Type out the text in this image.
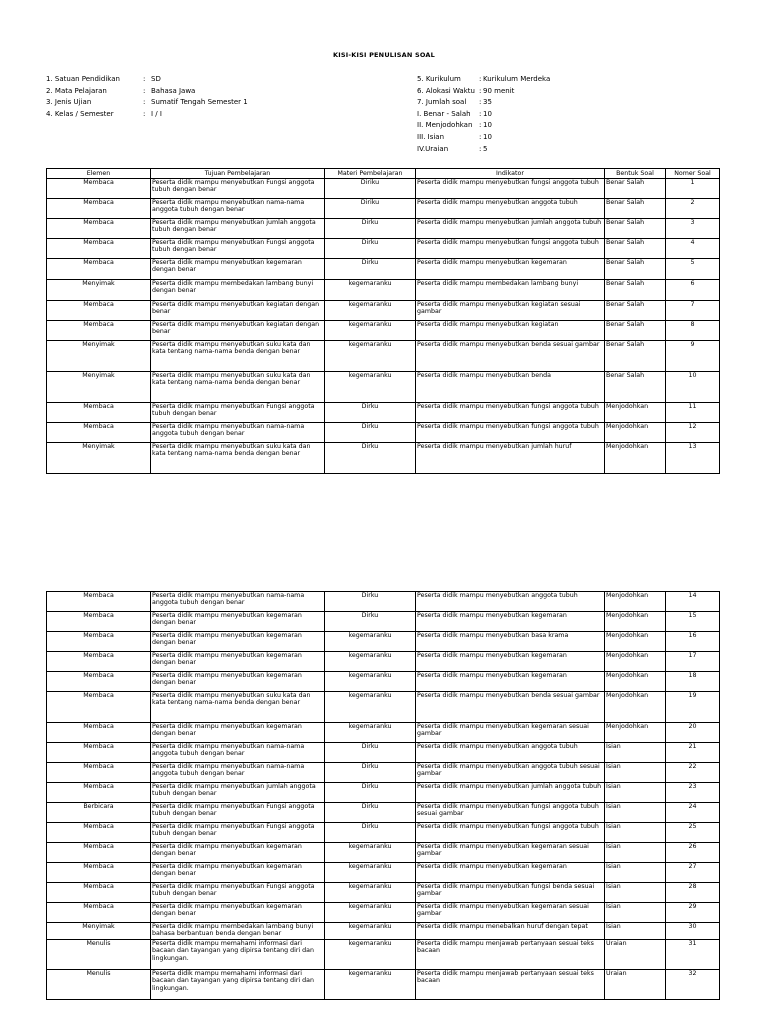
KISI-KISI PENULISAN SOAL
1. Satuan Pendidikan	: SD
2. Mata Pelajaran	: Bahasa Jawa
3. Jenis Ujian	: Sumatif Tengah Semester 1
4. Kelas / Semester	: I / I
5. Kurikulum	: Kurikulum Merdeka
6. Alokasi Waktu : 90 menit
7. Jumlah soal : 35
I. Benar - Salah : 10
II. Menjodohkan : 10
III. Isian	: 10
IV.Uraian	: 5
Elemen	Tujuan Pembelajaran	Materi Pembelajaran	Indikator	Bentuk Soal	Nomer Soal
Membaca	Peserta didik mampu menyebutkan Fungsi anggota tubuh dengan benar	Diriku	Peserta didik mampu menyebutkan fungsi anggota tubuh	Benar Salah	1
Membaca	Peserta didik mampu menyebutkan nama-nama anggota tubuh dengan benar	Diriku	Peserta didik mampu menyebutkan anggota tubuh	Benar Salah	2
Membaca	Peserta didik mampu menyebutkan jumlah anggota tubuh dengan benar	Dirku	Peserta didik mampu menyebutkan jumlah anggota tubuh	Benar Salah	3
Membaca	Peserta didik mampu menyebutkan Fungsi anggota tubuh dengan benar	Dirku	Peserta didik mampu menyebutkan fungsi anggota tubuh	Benar Salah	4
Membaca	Peserta didik mampu menyebutkan kegemaran dengan benar	Dirku	Peserta didik mampu menyebutkan kegemaran	Benar Salah	5
Menyimak	Peserta didik mampu membedakan lambang bunyi dengan benar	kegemaranku	Peserta didik mampu membedakan lambang bunyi	Benar Salah	6
Membaca	Peserta didik mampu menyebutkan kegiatan dengan benar	kegemaranku	Peserta didik mampu menyebutkan kegiatan sesuai gambar	Benar Salah	7
Membaca	Peserta didik mampu menyebutkan kegiatan dengan benar	kegemaranku	Peserta didik mampu menyebutkan kegiatan	Benar Salah	8
Menyimak	Peserta didik mampu menyebutkan suku kata dan kata tentang nama-nama benda dengan benar	kegemaranku	Peserta didik mampu menyebutkan benda sesuai gambar	Benar Salah	9
Menyimak	Peserta didik mampu menyebutkan suku kata dan kata tentang nama-nama benda dengan benar	kegemaranku	Peserta didik mampu menyebutkan benda	Benar Salah	10
Membaca	Peserta didik mampu menyebutkan Fungsi anggota tubuh dengan benar	Dirku	Peserta didik mampu menyebutkan fungsi anggota tubuh	Menjodohkan	11
Membaca	Peserta didik mampu menyebutkan nama-nama anggota tubuh dengan benar	Dirku	Peserta didik mampu menyebutkan fungsi anggota tubuh	Menjodohkan	12
Menyimak	Peserta didik mampu menyebutkan suku kata dan kata tentang nama-nama benda dengan benar	Dirku	Peserta didik mampu menyebutkan jumlah huruf	Menjodohkan	13
Membaca	Peserta didik mampu menyebutkan nama-nama anggota tubuh dengan benar	Dirku	Peserta didik mampu menyebutkan anggota tubuh	Menjodohkan	14
Membaca	Peserta didik mampu menyebutkan kegemaran dengan benar	Dirku	Peserta didik mampu menyebutkan kegemaran	Menjodohkan	15
Membaca	Peserta didik mampu menyebutkan kegemaran dengan benar	kegemaranku	Peserta didik mampu menyebutkan basa krama	Menjodohkan	16
Membaca	Peserta didik mampu menyebutkan kegemaran dengan benar	kegemaranku	Peserta didik mampu menyebutkan kegemaran	Menjodohkan	17
Membaca	Peserta didik mampu menyebutkan kegemaran dengan benar	kegemaranku	Peserta didik mampu menyebutkan kegemaran	Menjodohkan	18
Membaca	Peserta didik mampu menyebutkan suku kata dan kata tentang nama-nama benda dengan benar	kegemaranku	Peserta didik mampu menyebutkan benda sesuai gambar	Menjodohkan	19
Membaca	Peserta didik mampu menyebutkan kegemaran dengan benar	kegemaranku	Peserta didik mampu menyebutkan kegemaran sesuai gambar	Menjodohkan	20
Membaca	Peserta didik mampu menyebutkan nama-nama anggota tubuh dengan benar	Dirku	Peserta didik mampu menyebutkan anggota tubuh	Isian	21
Membaca	Peserta didik mampu menyebutkan nama-nama anggota tubuh dengan benar	Dirku	Peserta didik mampu menyebutkan anggota tubuh sesuai gambar	Isian	22
Membaca	Peserta didik mampu menyebutkan jumlah anggota tubuh dengan benar	Dirku	Peserta didik mampu menyebutkan jumlah anggota tubuh	Isian	23
Berbicara	Peserta didik mampu menyebutkan Fungsi anggota tubuh dengan benar	Dirku	Peserta didik mampu menyebutkan fungsi anggota tubuh sesuai gambar	Isian	24
Membaca	Peserta didik mampu menyebutkan Fungsi anggota tubuh dengan benar	Dirku	Peserta didik mampu menyebutkan fungsi anggota tubuh	Isian	25
Membaca	Peserta didik mampu menyebutkan kegemaran dengan benar	kegemaranku	Peserta didik mampu menyebutkan kegemaran sesuai gambar	Isian	26
Membaca	Peserta didik mampu menyebutkan kegemaran dengan benar	kegemaranku	Peserta didik mampu menyebutkan kegemaran	Isian	27
Membaca	Peserta didik mampu menyebutkan Fungsi anggota tubuh dengan benar	kegemaranku	Peserta didik mampu menyebutkan fungsi benda sesuai gambar	Isian	28
Membaca	Peserta didik mampu menyebutkan kegemaran dengan benar	kegemaranku	Peserta didik mampu menyebutkan kegemaran sesuai gambar	Isian	29
Menyimak	Peserta didik mampu membedakan lambang bunyi bahasa berbantuan benda dengan benar	kegemaranku	Peserta didik mampu menebalkan huruf dengan tepat	Isian	30
Menulis	Peserta didik mampu memahami informasi dari bacaan dan tayangan yang dipirsa tentang diri dan lingkungan.	kegemaranku	Peserta didik mampu menjawab pertanyaan sesuai teks bacaan	Uraian	31
Menulis	Peserta didik mampu memahami informasi dari bacaan dan tayangan yang dipirsa tentang diri dan lingkungan.	kegemaranku	Peserta didik mampu menjawab pertanyaan sesuai teks bacaan	Uraian	32
